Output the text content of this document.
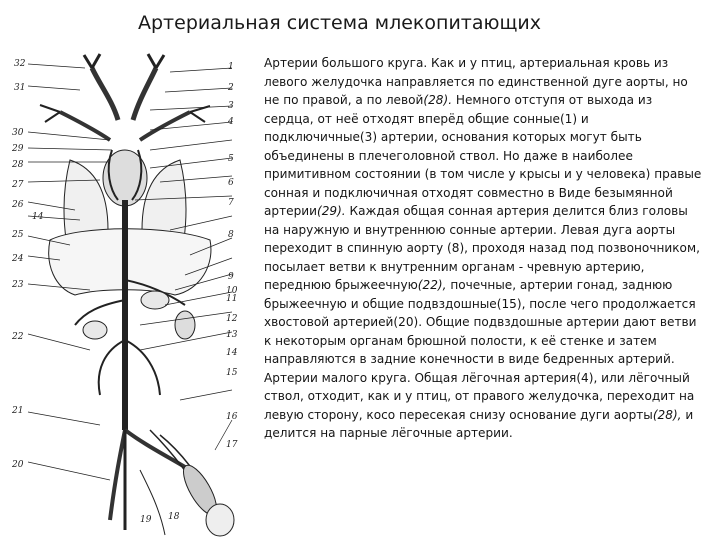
Артериальная система млекопитающих
1
2
3
4
5
6
7
8
9
10
11
12
13
14
15
16
17
32
31
30
29
28
27
26
25
24
23
22
21
20
19 18
14

Артерии большого круга. Как и у птиц, артериальная кровь из левого желудочка направляется по единственной дуге аорты, но не по правой, а по левой(28). Немного отступя от выхода из сердца, от неё отходят вперёд общие сонные(1) и подключичные(3) артерии, основания которых могут быть объединены в плечеголовной ствол. Но даже в наиболее примитивном состоянии (в том числе у крысы и у человека) правые сонная и подключичная отходят совместно в Виде безымянной артерии(29). Каждая общая сонная артерия делится близ головы на наружную и внутреннюю сонные артерии. Левая дуга аорты переходит в спинную аорту (8), проходя назад под позвоночником, посылает ветви к внутренним органам - чревную артерию, переднюю брыжеечную(22), почечные, артерии гонад, заднюю брыжеечную и общие подвздошные(15), после чего продолжается хвостовой артерией(20). Общие подвздошные артерии дают ветви к некоторым органам брюшной полости, к её стенке и затем направляются в задние конечности в виде бедренных артерий.

Артерии малого круга. Общая лёгочная артерия(4), или лёгочный ствол, отходит, как и у птиц, от правого желудочка, переходит на левую сторону, косо пересекая снизу основание дуги аорты(28), и делится на парные лёгочные артерии.
